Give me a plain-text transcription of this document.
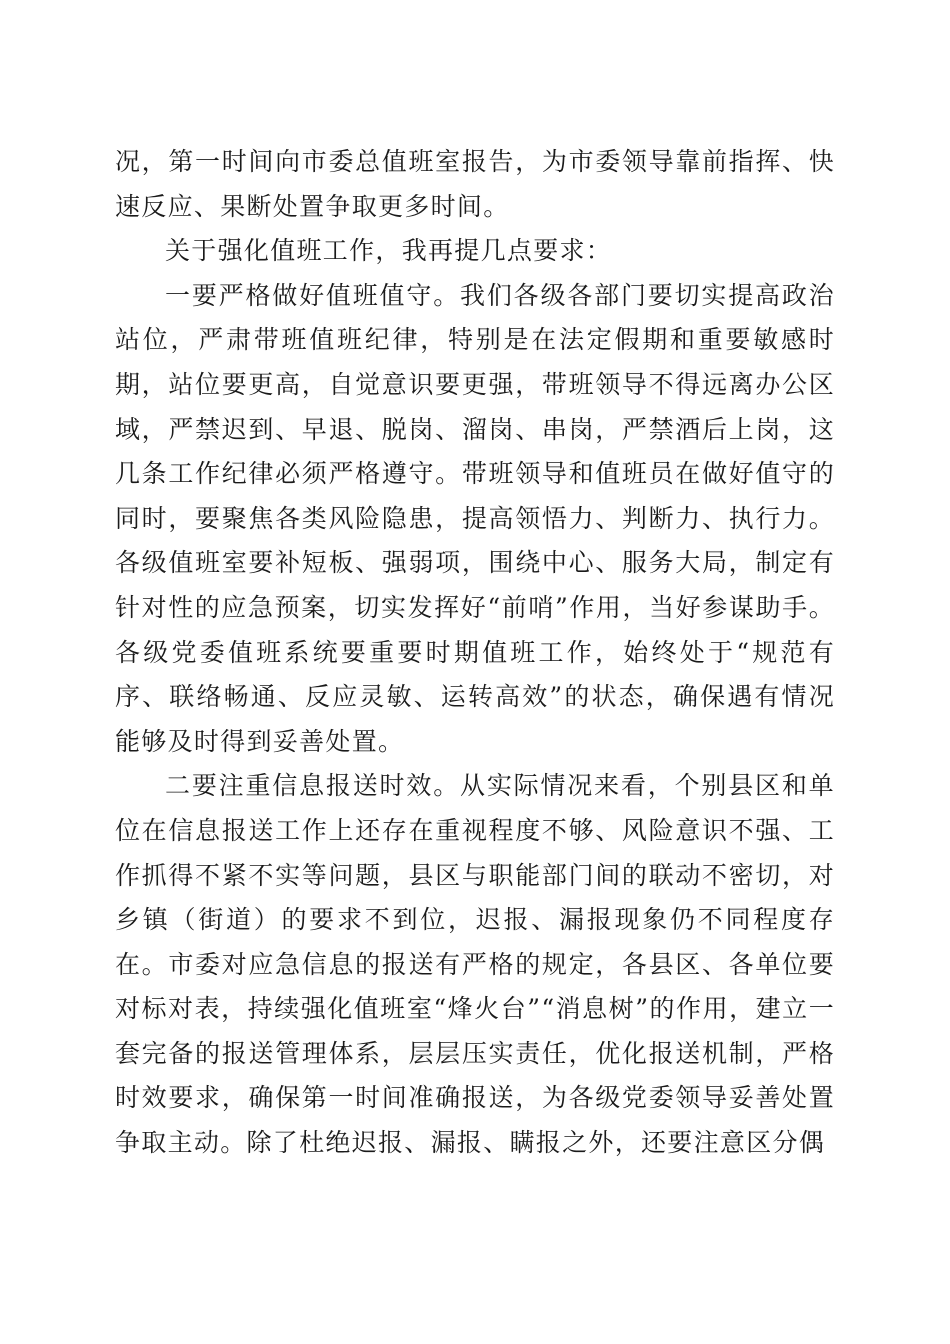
况，第一时间向市委总值班室报告，为市委领导靠前指挥、快速反应、果断处置争取更多时间。

关于强化值班工作，我再提几点要求：

一要严格做好值班值守。我们各级各部门要切实提高政治站位，严肃带班值班纪律，特别是在法定假期和重要敏感时期，站位要更高，自觉意识要更强，带班领导不得远离办公区域，严禁迟到、早退、脱岗、溜岗、串岗，严禁酒后上岗，这几条工作纪律必须严格遵守。带班领导和值班员在做好值守的同时，要聚焦各类风险隐患，提高领悟力、判断力、执行力。各级值班室要补短板、强弱项，围绕中心、服务大局，制定有针对性的应急预案，切实发挥好“前哨”作用，当好参谋助手。各级党委值班系统要重要时期值班工作，始终处于“规范有序、联络畅通、反应灵敏、运转高效”的状态，确保遇有情况能够及时得到妥善处置。

二要注重信息报送时效。从实际情况来看，个别县区和单位在信息报送工作上还存在重视程度不够、风险意识不强、工作抓得不紧不实等问题，县区与职能部门间的联动不密切，对乡镇（街道）的要求不到位，迟报、漏报现象仍不同程度存在。市委对应急信息的报送有严格的规定，各县区、各单位要对标对表，持续强化值班室“烽火台”“消息树”的作用，建立一套完备的报送管理体系，层层压实责任，优化报送机制，严格时效要求，确保第一时间准确报送，为各级党委领导妥善处置争取主动。除了杜绝迟报、漏报、瞒报之外，还要注意区分偶
